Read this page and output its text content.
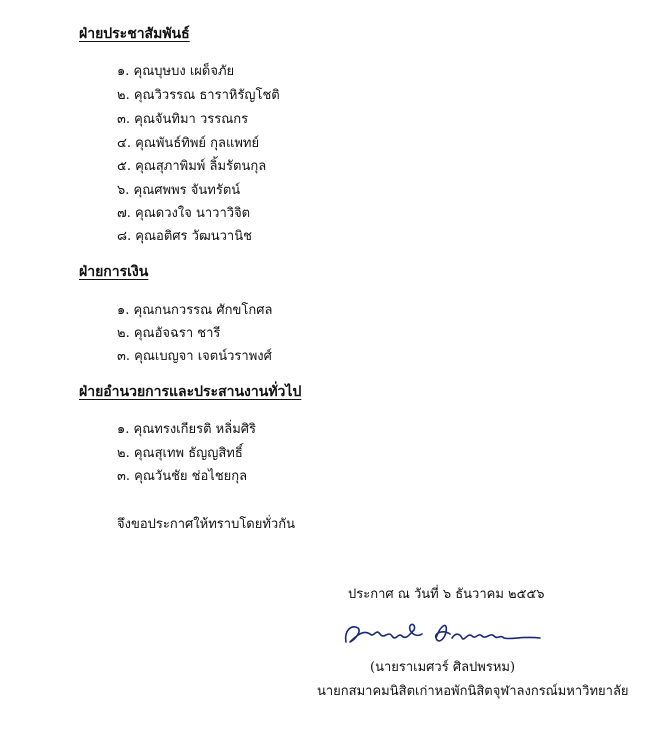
ฝ่ายประชาสัมพันธ์
๑. คุณบุษบง เผด็จภัย
๒. คุณวิวรรณ ธาราหิรัญโชติ
๓. คุณจันทิมา วรรณกร
๔. คุณพันธ์ทิพย์ กุลแพทย์
๕. คุณสุภาพิมพ์ ลิ้มรัตนกุล
๖. คุณศพพร จันทรัตน์
๗. คุณดวงใจ นาวาวิจิต
๘. คุณอติศร วัฒนวานิช
ฝ่ายการเงิน
๑. คุณกนกวรรณ ศักขโกศล
๒. คุณอัจฉรา ชารี
๓. คุณเบญจา เจตน์วราพงศ์
ฝ่ายอำนวยการและประสานงานทั่วไป
๑. คุณทรงเกียรติ หลิ่มศิริ
๒. คุณสุเทพ ธัญญสิทธิ์
๓. คุณวันชัย ช่อไชยกุล
จึงขอประกาศให้ทราบโดยทั่วกัน
ประกาศ ณ วันที่ ๖ ธันวาคม ๒๕๕๖
(นายราเมศวร์ ศิลปพรหม)
นายกสมาคมนิสิตเก่าหอพักนิสิตจุฬาลงกรณ์มหาวิทยาลัย
